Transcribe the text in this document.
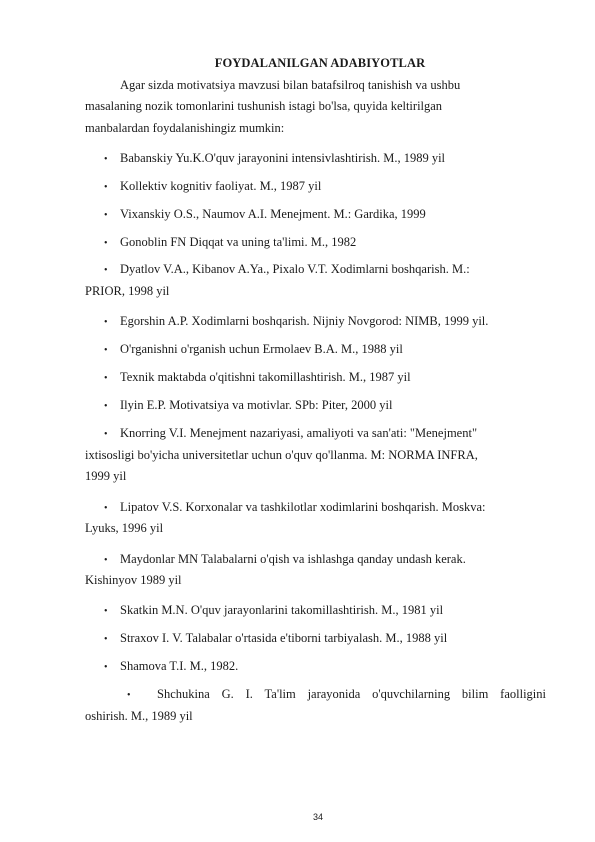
FOYDALANILGAN ADABIYOTLAR
Agar sizda motivatsiya mavzusi bilan batafsilroq tanishish va ushbu
masalaning nozik tomonlarini tushunish istagi bo'lsa, quyida keltirilgan
manbalardan foydalanishingiz mumkin:
• Babanskiy Yu.K.O'quv jarayonini intensivlashtirish. M., 1989 yil
• Kollektiv kognitiv faoliyat. M., 1987 yil
• Vixanskiy O.S., Naumov A.I. Menejment. M.: Gardika, 1999
• Gonoblin FN Diqqat va uning ta'limi. M., 1982
• Dyatlov V.A., Kibanov A.Ya., Pixalo V.T. Xodimlarni boshqarish. M.:
PRIOR, 1998 yil
• Egorshin A.P. Xodimlarni boshqarish. Nijniy Novgorod: NIMB, 1999 yil.
• O'rganishni o'rganish uchun Ermolaev B.A. M., 1988 yil
• Texnik maktabda o'qitishni takomillashtirish. M., 1987 yil
• Ilyin E.P. Motivatsiya va motivlar. SPb: Piter, 2000 yil
• Knorring V.I. Menejment nazariyasi, amaliyoti va san'ati: "Menejment"
ixtisosligi bo'yicha universitetlar uchun o'quv qo'llanma. M: NORMA INFRA,
1999 yil
• Lipatov V.S. Korxonalar va tashkilotlar xodimlarini boshqarish. Moskva:
Lyuks, 1996 yil
• Maydonlar MN Talabalarni o'qish va ishlashga qanday undash kerak.
Kishinyov 1989 yil
• Skatkin M.N. O'quv jarayonlarini takomillashtirish. M., 1981 yil
• Straxov I. V. Talabalar o'rtasida e'tiborni tarbiyalash. M., 1988 yil
• Shamova T.I. M., 1982.
• Shchukina G. I. Ta'lim jarayonida o'quvchilarning bilim faolligini
oshirish. M., 1989 yil
34
